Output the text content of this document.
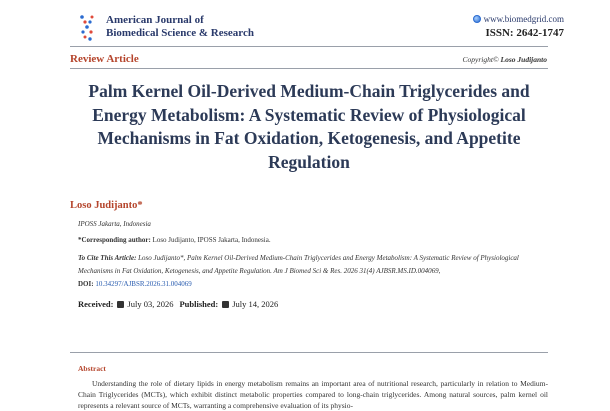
American Journal of
Biomedical Science & Research
www.biomedgrid.com
ISSN: 2642-1747
Review Article	Copyright© Loso Judijanto
Palm Kernel Oil-Derived Medium-Chain Triglycerides and Energy Metabolism: A Systematic Review of Physiological Mechanisms in Fat Oxidation, Ketogenesis, and Appetite Regulation
Loso Judijanto*
IPOSS Jakarta, Indonesia
*Corresponding author: Loso Judijanto, IPOSS Jakarta, Indonesia.
To Cite This Article: Loso Judijanto*, Palm Kernel Oil-Derived Medium-Chain Triglycerides and Energy Metabolism: A Systematic Review of Physiological Mechanisms in Fat Oxidation, Ketogenesis, and Appetite Regulation. Am J Biomed Sci & Res. 2026 31(4) AJBSR.MS.ID.004069,
DOI: 10.34297/AJBSR.2026.31.004069
Received: July 03, 2026 Published: July 14, 2026
Abstract
Understanding the role of dietary lipids in energy metabolism remains an important area of nutritional research, particularly in relation to Medium-Chain Triglycerides (MCTs), which exhibit distinct metabolic properties compared to long-chain triglycerides. Among natural sources, palm kernel oil represents a relevant source of MCTs, warranting a comprehensive evaluation of its physio-
